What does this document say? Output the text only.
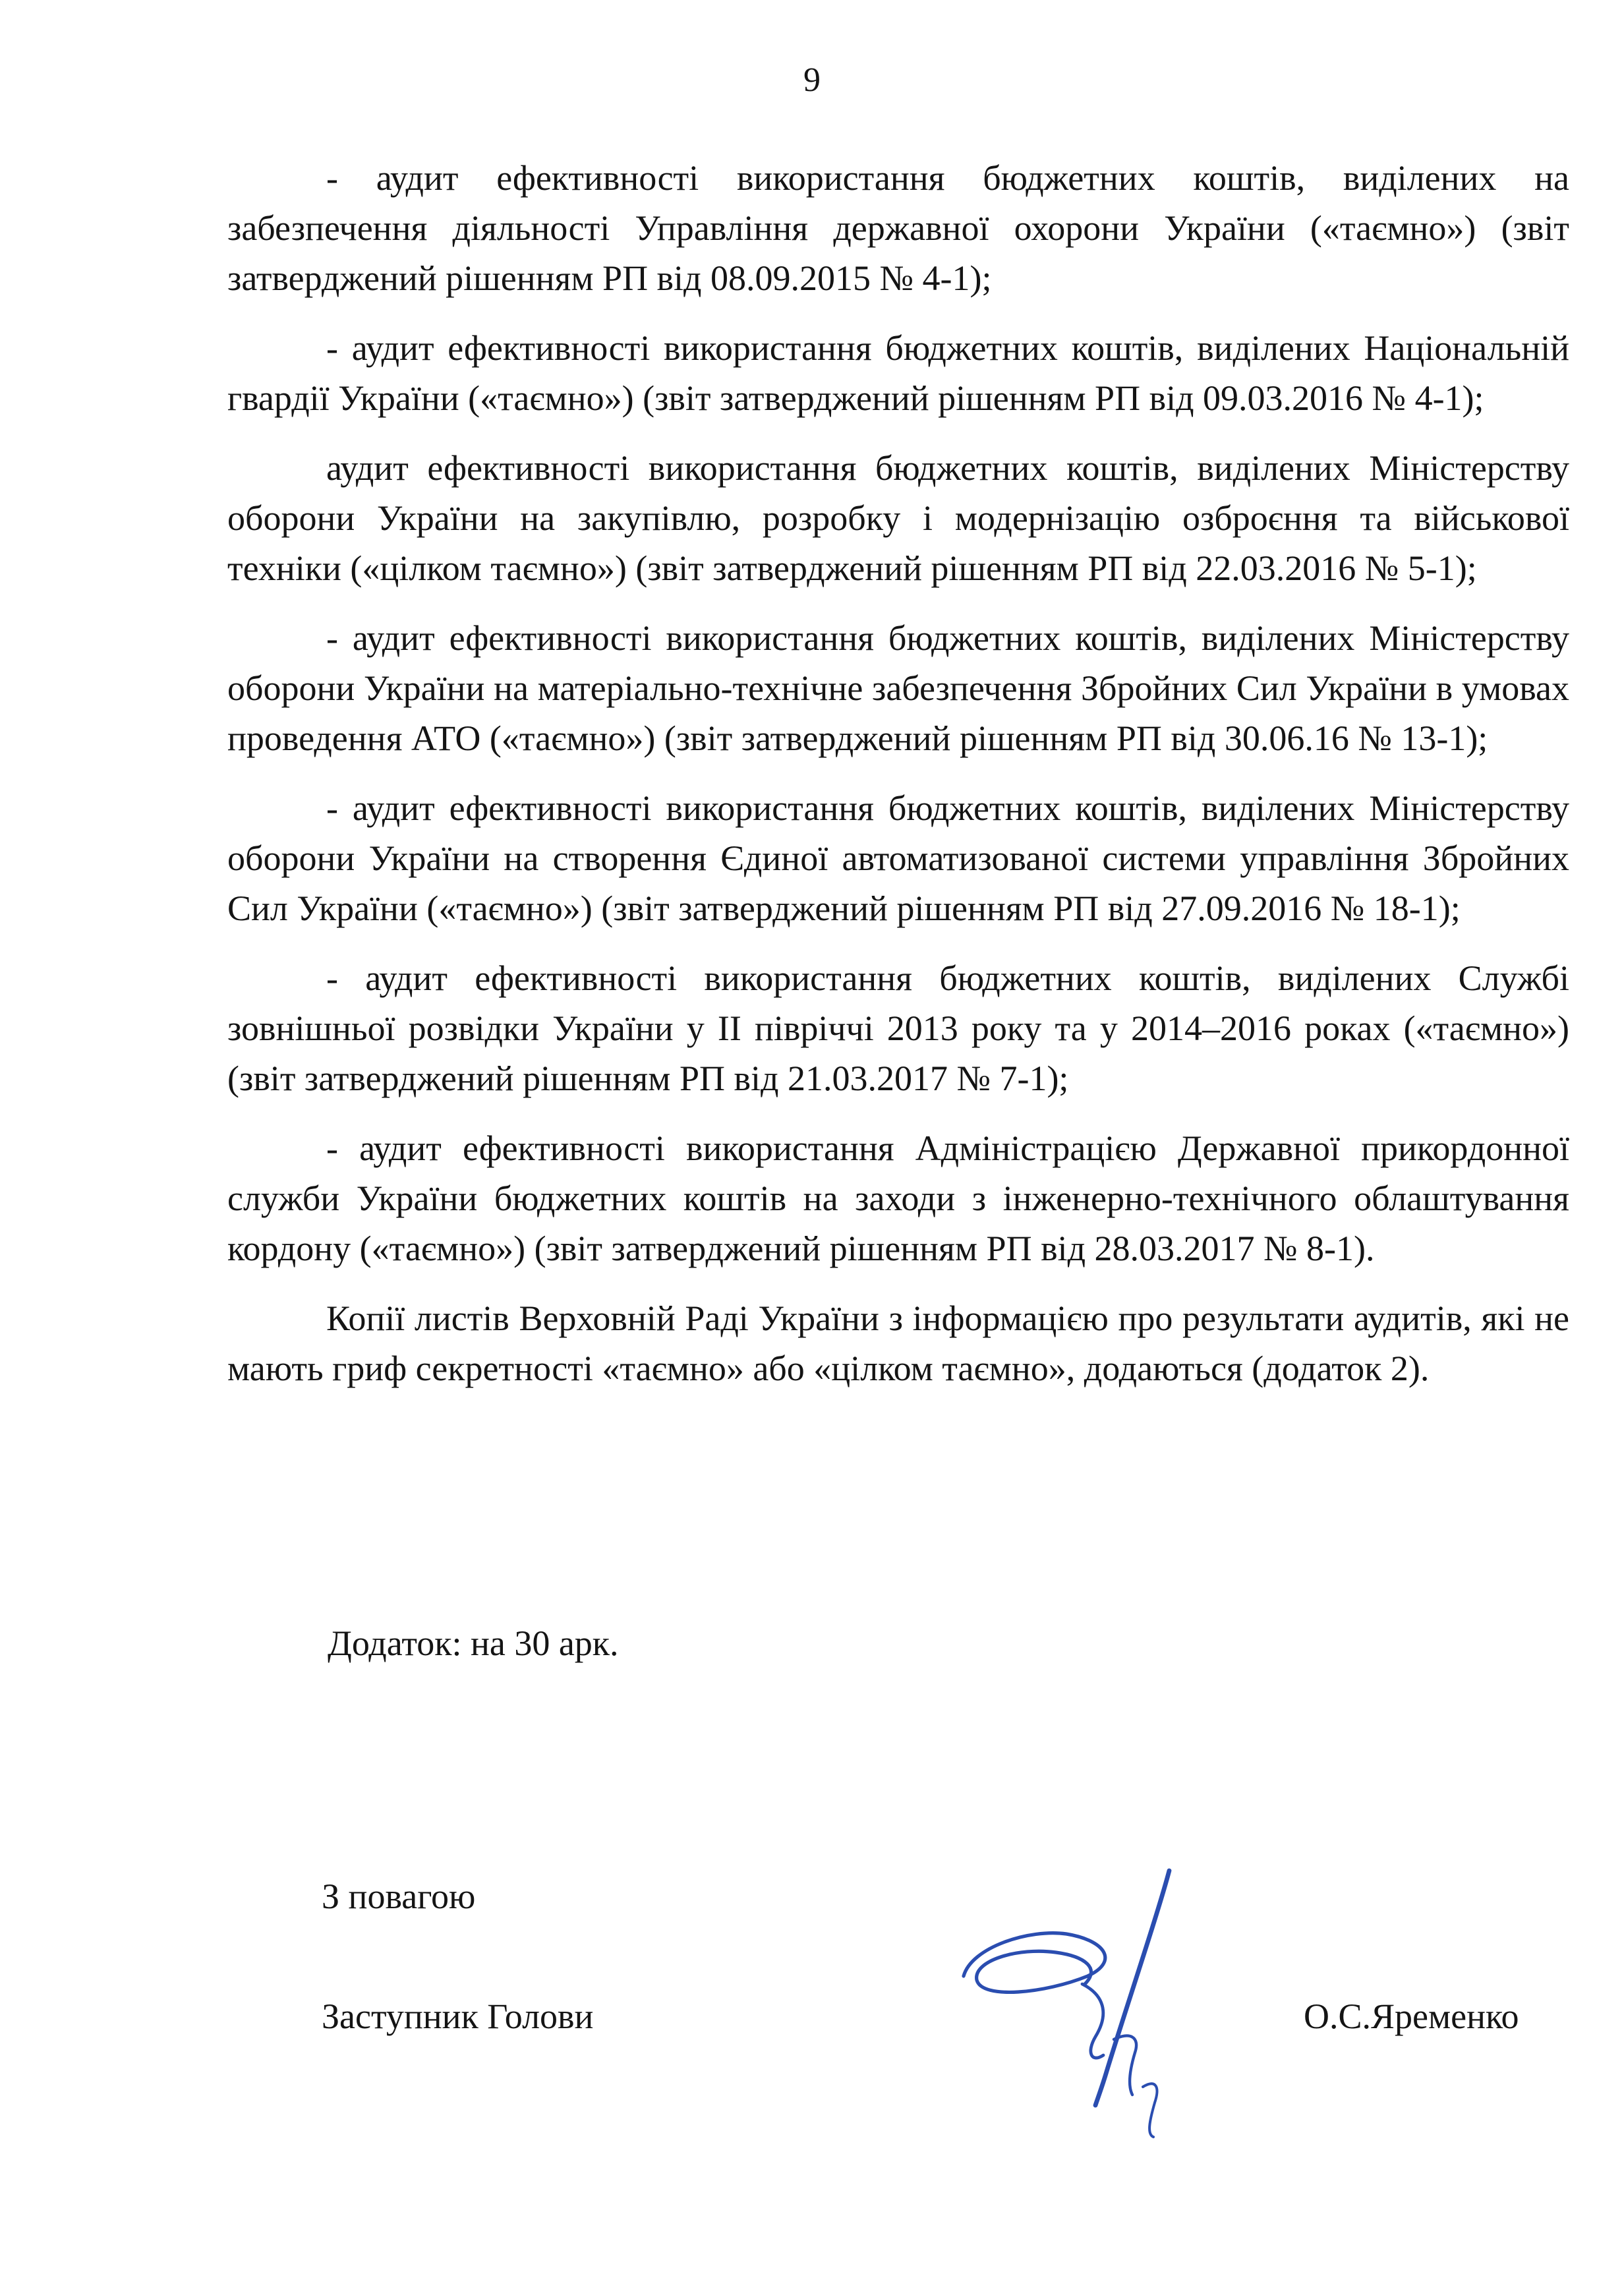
9

- аудит ефективності використання бюджетних коштів, виділених на забезпечення діяльності Управління державної охорони України («таємно») (звіт затверджений рішенням РП від 08.09.2015 № 4-1);

- аудит ефективності використання бюджетних коштів, виділених Національній гвардії України («таємно») (звіт затверджений рішенням РП від 09.03.2016 № 4-1);

аудит ефективності використання бюджетних коштів, виділених Міністерству оборони України на закупівлю, розробку і модернізацію озброєння та військової техніки («цілком таємно») (звіт затверджений рішенням РП від 22.03.2016 № 5-1);

- аудит ефективності використання бюджетних коштів, виділених Міністерству оборони України на матеріально-технічне забезпечення Збройних Сил України в умовах проведення АТО («таємно») (звіт затверджений рішенням РП від 30.06.16 № 13-1);

- аудит ефективності використання бюджетних коштів, виділених Міністерству оборони України на створення Єдиної автоматизованої системи управління Збройних Сил України («таємно») (звіт затверджений рішенням РП від 27.09.2016 № 18-1);

- аудит ефективності використання бюджетних коштів, виділених Службі зовнішньої розвідки України у ІІ півріччі 2013 року та у 2014–2016 роках («таємно») (звіт затверджений рішенням РП від 21.03.2017 № 7-1);

- аудит ефективності використання Адміністрацією Державної прикордонної служби України бюджетних коштів на заходи з інженерно-технічного облаштування кордону («таємно») (звіт затверджений рішенням РП від 28.03.2017 № 8-1).

Копії листів Верховній Раді України з інформацією про результати аудитів, які не мають гриф секретності «таємно» або «цілком таємно», додаються (додаток 2).

Додаток: на 30 арк.
З повагою
Заступник Голови	О.С.Яременко
